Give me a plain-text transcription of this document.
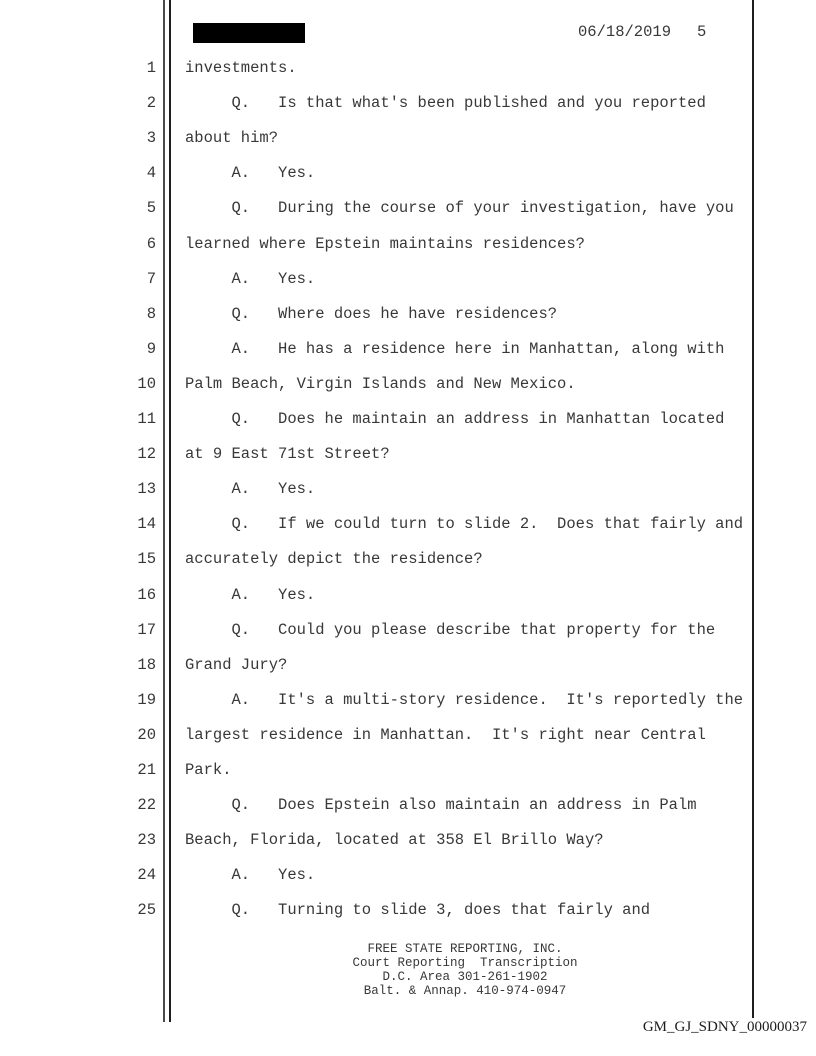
06/18/2019 5
1 investments.
2 Q.   Is that what's been published and you reported
3 about him?
4 A.   Yes.
5 Q.   During the course of your investigation, have you
6 learned where Epstein maintains residences?
7 A.   Yes.
8 Q.   Where does he have residences?
9 A.   He has a residence here in Manhattan, along with
10 Palm Beach, Virgin Islands and New Mexico.
11 Q.   Does he maintain an address in Manhattan located
12 at 9 East 71st Street?
13 A.   Yes.
14 Q.   If we could turn to slide 2.  Does that fairly and
15 accurately depict the residence?
16 A.   Yes.
17 Q.   Could you please describe that property for the
18 Grand Jury?
19 A.   It's a multi-story residence.  It's reportedly the
20 largest residence in Manhattan.  It's right near Central
21 Park.
22 Q.   Does Epstein also maintain an address in Palm
23 Beach, Florida, located at 358 El Brillo Way?
24 A.   Yes.
25 Q.   Turning to slide 3, does that fairly and
FREE STATE REPORTING, INC.
Court Reporting  Transcription
D.C. Area 301-261-1902
Balt. & Annap. 410-974-0947
GM_GJ_SDNY_00000037
